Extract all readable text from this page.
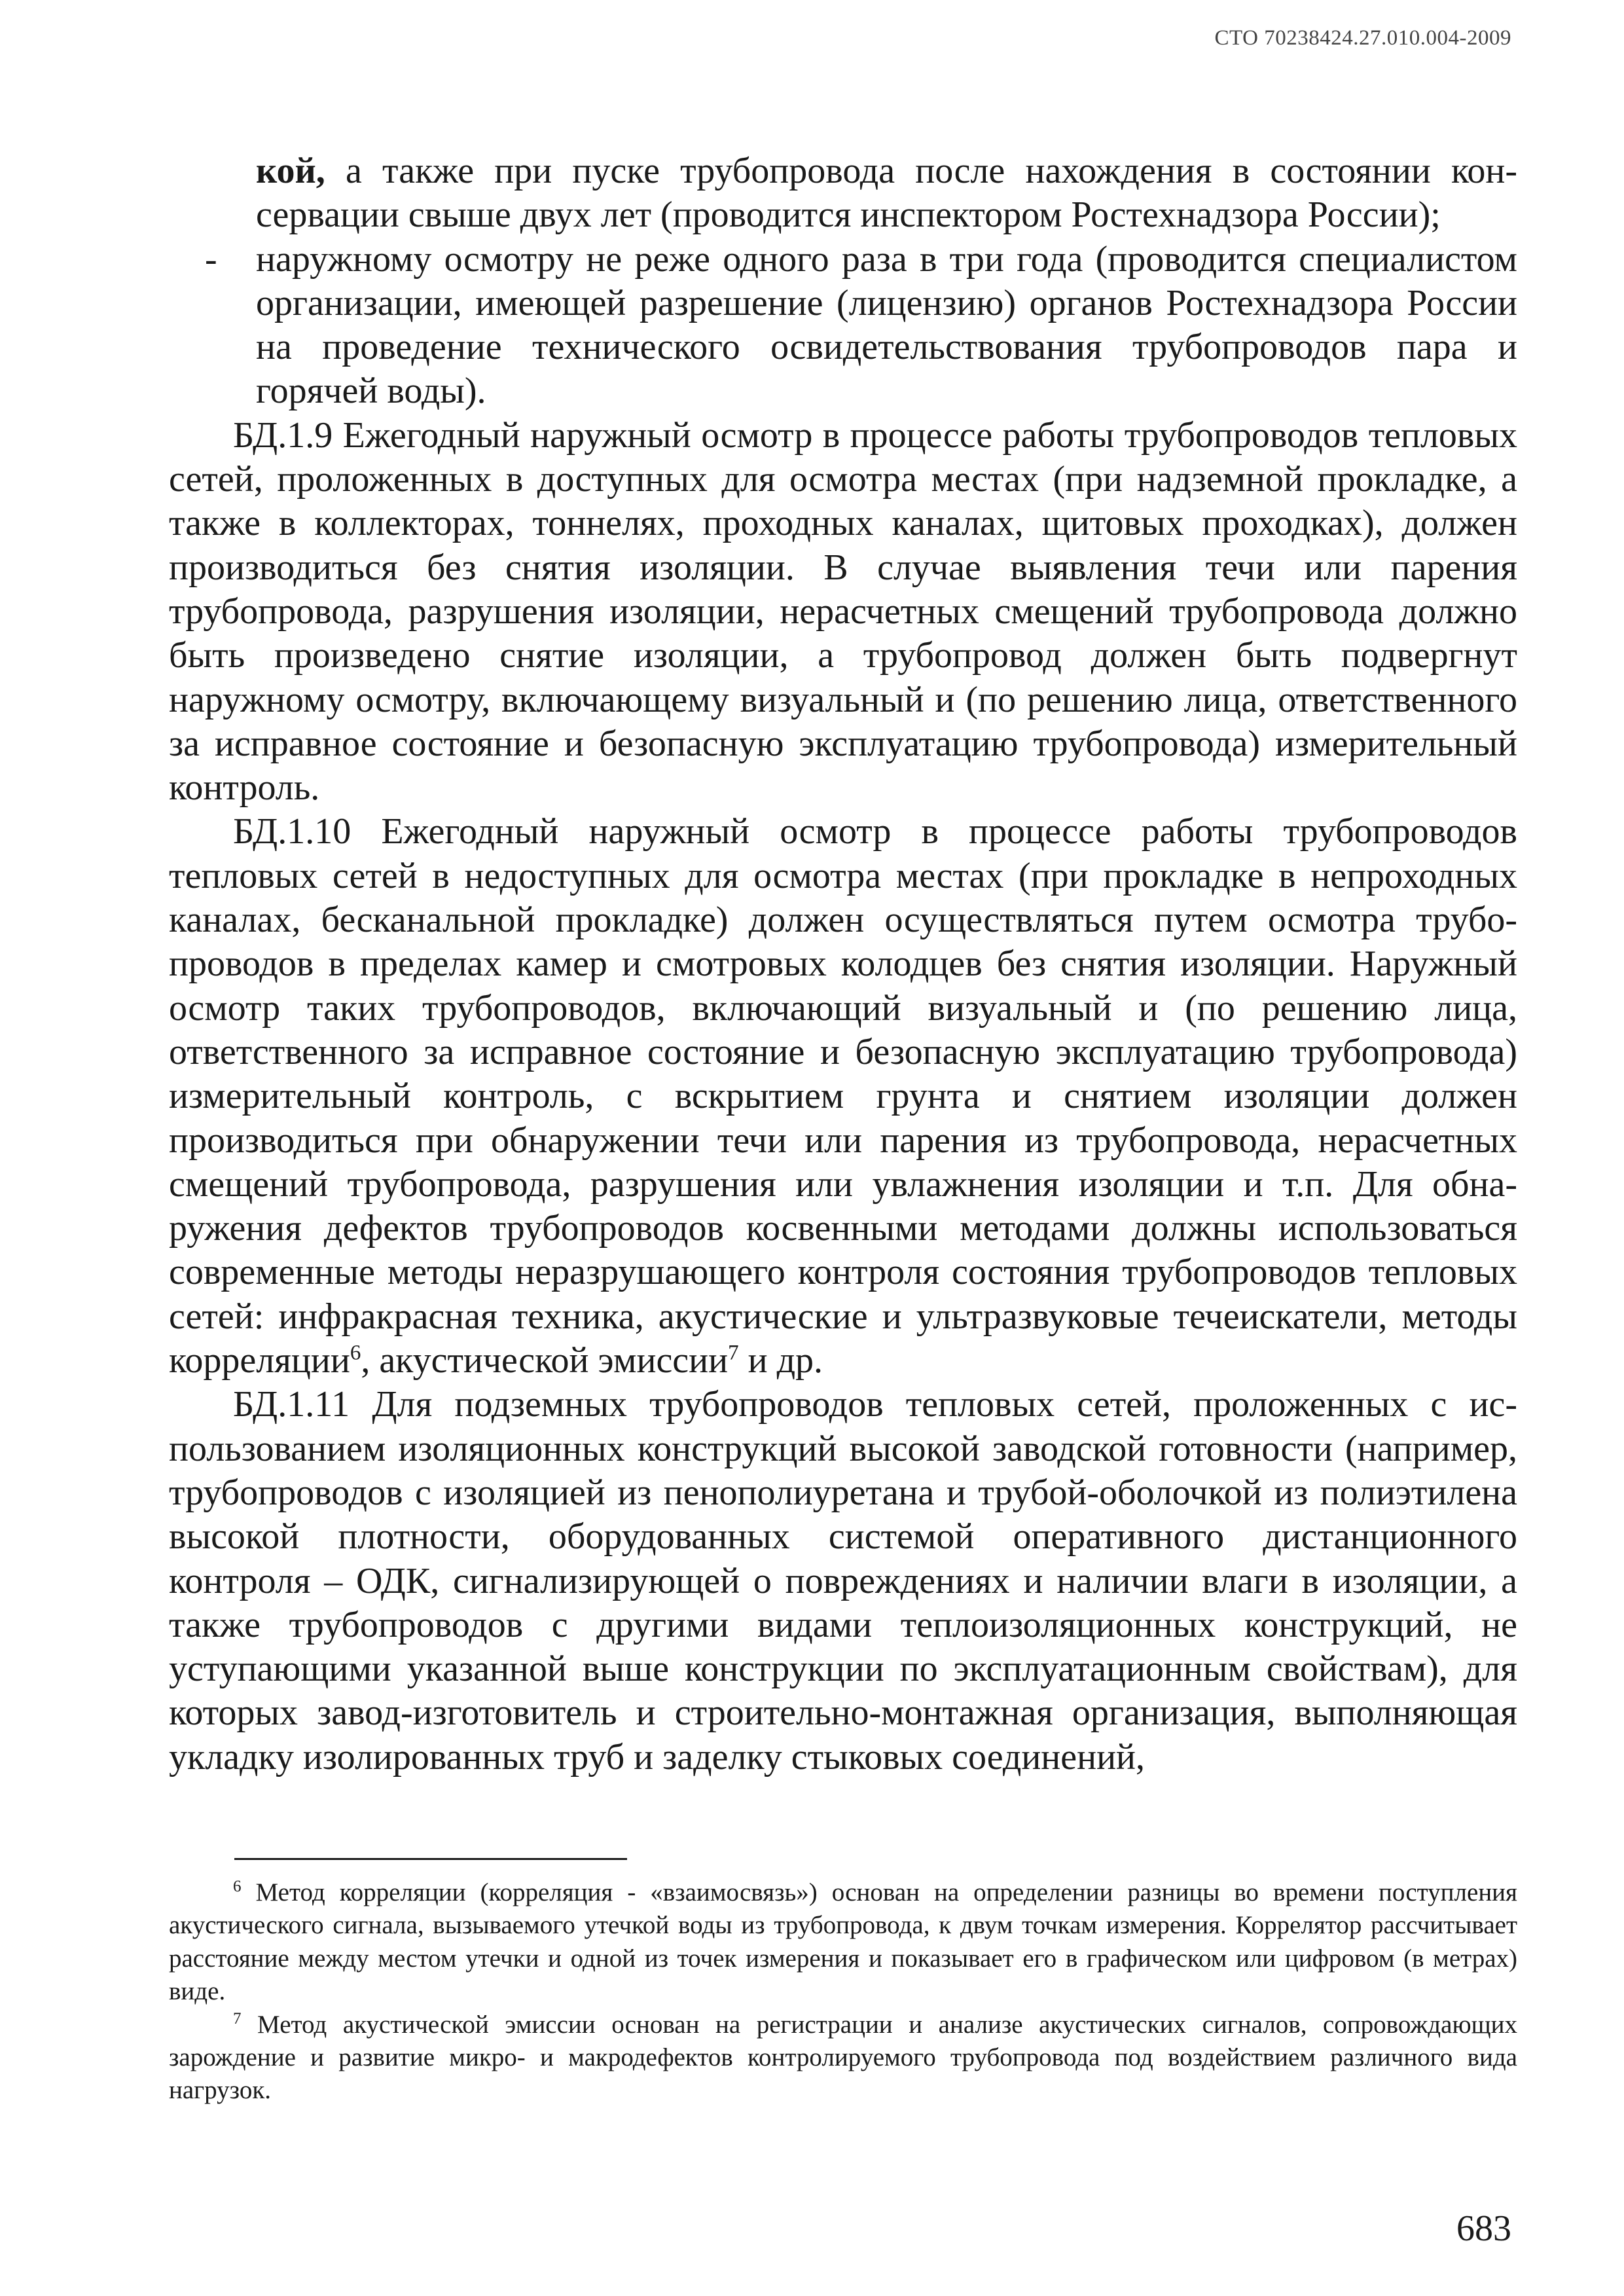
СТО 70238424.27.010.004-2009

кой, а также при пуске трубопровода после нахождения в состоянии консервации свыше двух лет (проводится инспектором Ростехнадзора России);

- наружному осмотру не реже одного раза в три года (проводится специалистом организации, имеющей разрешение (лицензию) органов Ростехнадзора России на проведение технического освидетельствования трубопроводов пара и горячей воды).

БД.1.9 Ежегодный наружный осмотр в процессе работы трубопроводов тепловых сетей, проложенных в доступных для осмотра местах (при надземной прокладке, а также в коллекторах, тоннелях, проходных каналах, щитовых проходках), должен производиться без снятия изоляции. В случае выявления течи или парения трубопровода, разрушения изоляции, нерасчетных смещений трубопровода должно быть произведено снятие изоляции, а трубопровод должен быть подвергнут наружному осмотру, включающему визуальный и (по решению лица, ответственного за исправное состояние и безопасную эксплуатацию трубопровода) измерительный контроль.

БД.1.10 Ежегодный наружный осмотр в процессе работы трубопроводов тепловых сетей в недоступных для осмотра местах (при прокладке в непроходных каналах, бесканальной прокладке) должен осуществляться путем осмотра трубопроводов в пределах камер и смотровых колодцев без снятия изоляции. Наружный осмотр таких трубопроводов, включающий визуальный и (по решению лица, ответственного за исправное состояние и безопасную эксплуатацию трубопровода) измерительный контроль, с вскрытием грунта и снятием изоляции должен производиться при обнаружении течи или парения из трубопровода, нерасчетных смещений трубопровода, разрушения или увлажнения изоляции и т.п. Для обнаружения дефектов трубопроводов косвенными методами должны использоваться современные методы неразрушающего контроля состояния трубопроводов тепловых сетей: инфракрасная техника, акустические и ультразвуковые течеискатели, методы корреляции$^6$, акустической эмиссии$^7$ и др.

БД.1.11 Для подземных трубопроводов тепловых сетей, проложенных с использованием изоляционных конструкций высокой заводской готовности (например, трубопроводов с изоляцией из пенополиуретана и трубой-оболочкой из полиэтилена высокой плотности, оборудованных системой оперативного дистанционного контроля – ОДК, сигнализирующей о повреждениях и наличии влаги в изоляции, а также трубопроводов с другими видами теплоизоляционных конструкций, не уступающими указанной выше конструкции по эксплуатационным свойствам), для которых завод-изготовитель и строительно-монтажная организация, выполняющая укладку изолированных труб и заделку стыковых соединений,

$^6$ Метод корреляции (корреляция - «взаимосвязь») основан на определении разницы во времени поступления акустического сигнала, вызываемого утечкой воды из трубопровода, к двум точкам измерения. Коррелятор рассчитывает расстояние между местом утечки и одной из точек измерения и показывает его в графическом или цифровом (в метрах) виде.

$^7$ Метод акустической эмиссии основан на регистрации и анализе акустических сигналов, сопровождающих зарождение и развитие микро- и макродефектов контролируемого трубопровода под воздействием различного вида нагрузок.

683
